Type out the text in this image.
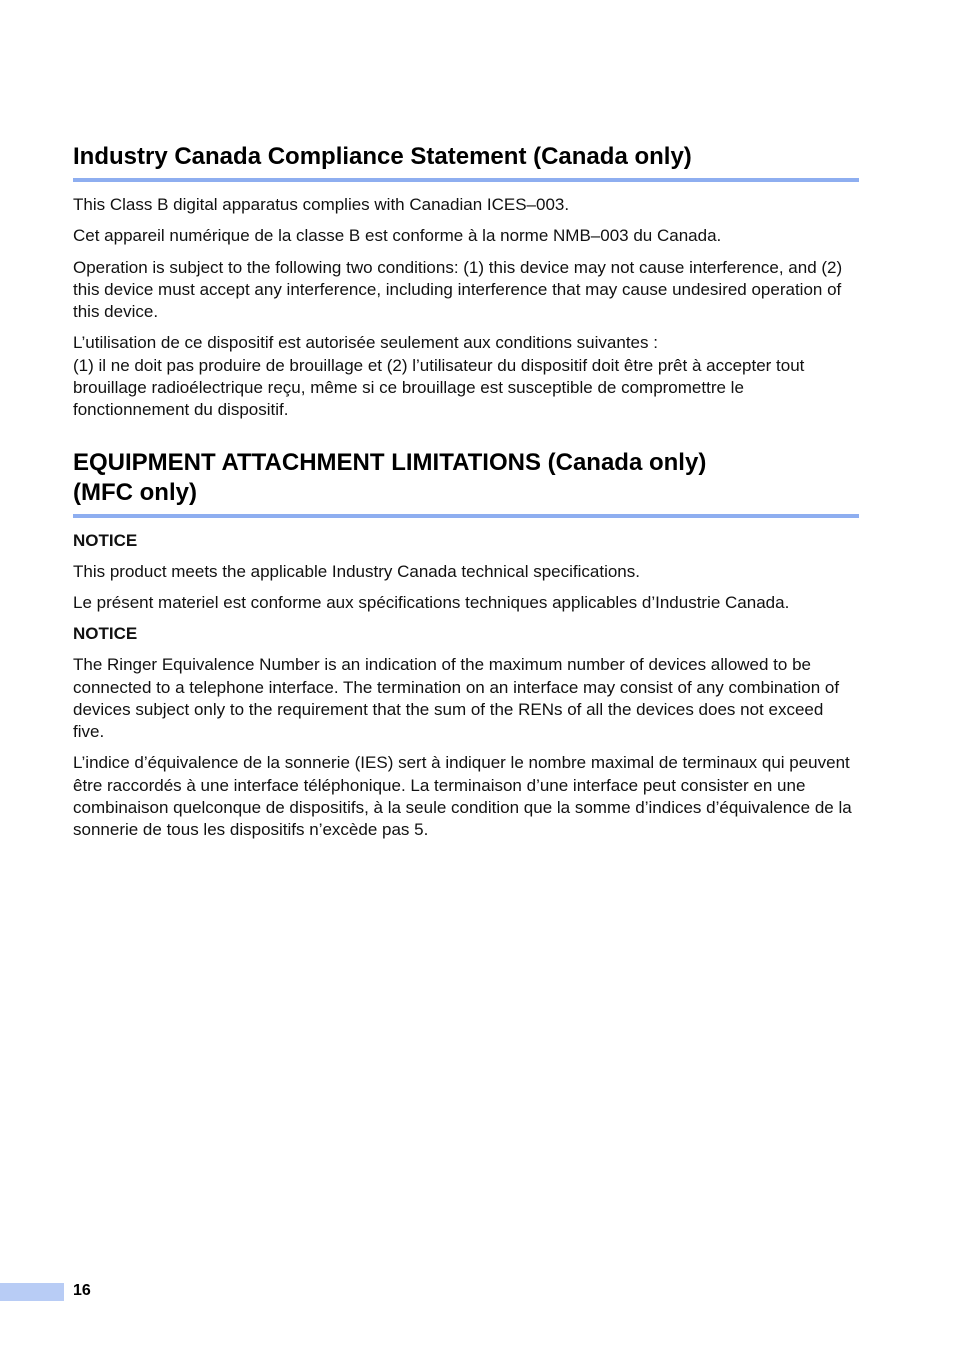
Industry Canada Compliance Statement (Canada only)

This Class B digital apparatus complies with Canadian ICES–003.

Cet appareil numérique de la classe B est conforme à la norme NMB–003 du Canada.

Operation is subject to the following two conditions: (1) this device may not cause interference, and (2) this device must accept any interference, including interference that may cause undesired operation of this device.

L’utilisation de ce dispositif est autorisée seulement aux conditions suivantes :
(1) il ne doit pas produire de brouillage et (2) l’utilisateur du dispositif doit être prêt à accepter tout brouillage radioélectrique reçu, même si ce brouillage est susceptible de compromettre le fonctionnement du dispositif.

EQUIPMENT ATTACHMENT LIMITATIONS (Canada only)
(MFC only)
NOTICE

This product meets the applicable Industry Canada technical specifications.

Le présent materiel est conforme aux spécifications techniques applicables d’Industrie Canada.

NOTICE

The Ringer Equivalence Number is an indication of the maximum number of devices allowed to be connected to a telephone interface. The termination on an interface may consist of any combination of devices subject only to the requirement that the sum of the RENs of all the devices does not exceed five.

L’indice d’équivalence de la sonnerie (IES) sert à indiquer le nombre maximal de terminaux qui peuvent être raccordés à une interface téléphonique. La terminaison d’une interface peut consister en une combinaison quelconque de dispositifs, à la seule condition que la somme d’indices d’équivalence de la sonnerie de tous les dispositifs n’excède pas 5.

16
